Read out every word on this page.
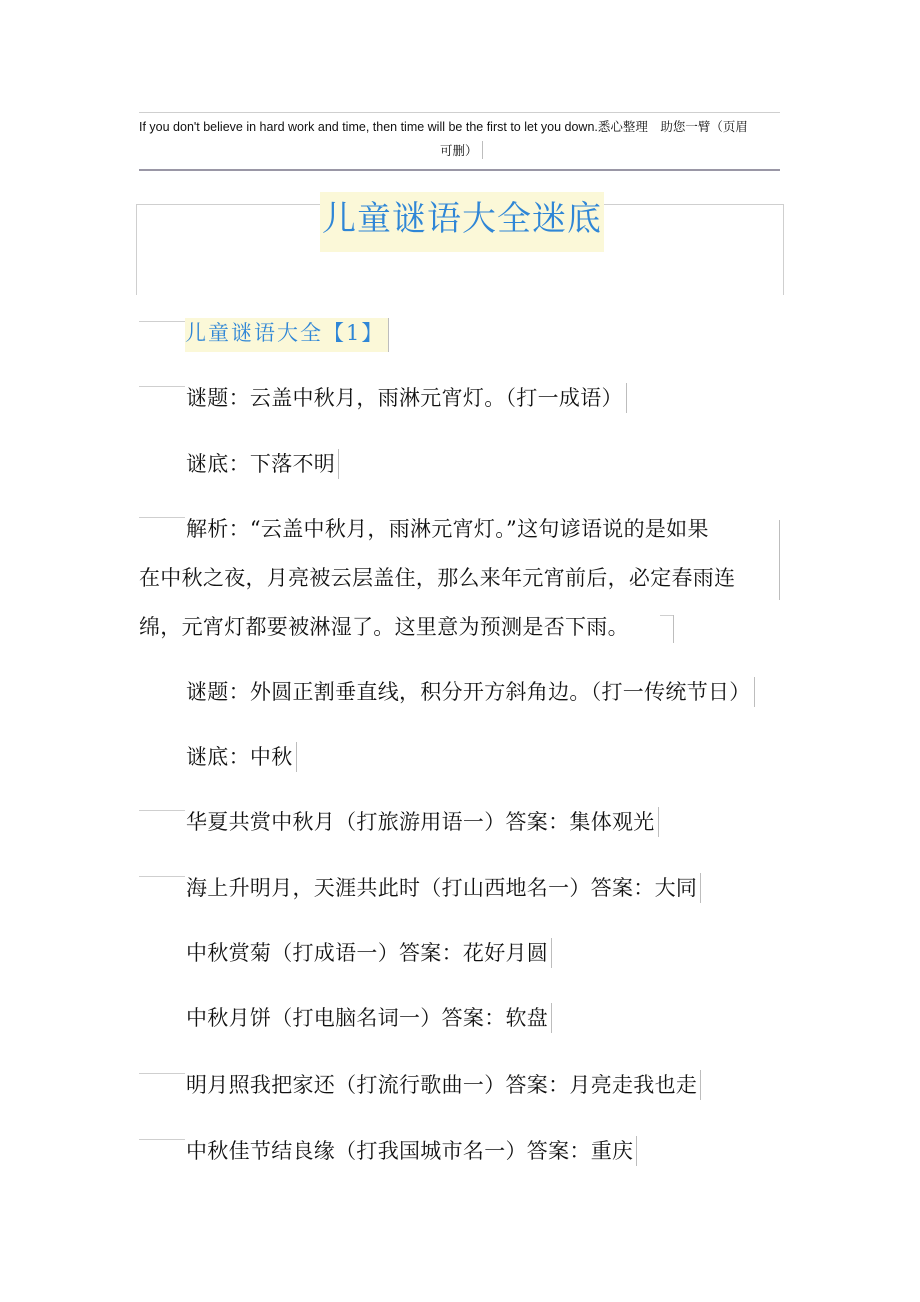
If you don't believe in hard work and time, then time will be the first to let you down.悉心整理　助您一臂（页眉
可删）
儿童谜语大全迷底
儿童谜语大全【1】
谜题：云盖中秋月，雨淋元宵灯。（打一成语）
谜底：下落不明
解析：“云盖中秋月，雨淋元宵灯。”这句谚语说的是如果
在中秋之夜，月亮被云层盖住，那么来年元宵前后，必定春雨连
绵，元宵灯都要被淋湿了。这里意为预测是否下雨。
谜题：外圆正割垂直线，积分开方斜角边。（打一传统节日）
谜底：中秋
华夏共赏中秋月（打旅游用语一）答案：集体观光
海上升明月，天涯共此时（打山西地名一）答案：大同
中秋赏菊（打成语一）答案：花好月圆
中秋月饼（打电脑名词一）答案：软盘
明月照我把家还（打流行歌曲一）答案：月亮走我也走
中秋佳节结良缘（打我国城市名一）答案：重庆
